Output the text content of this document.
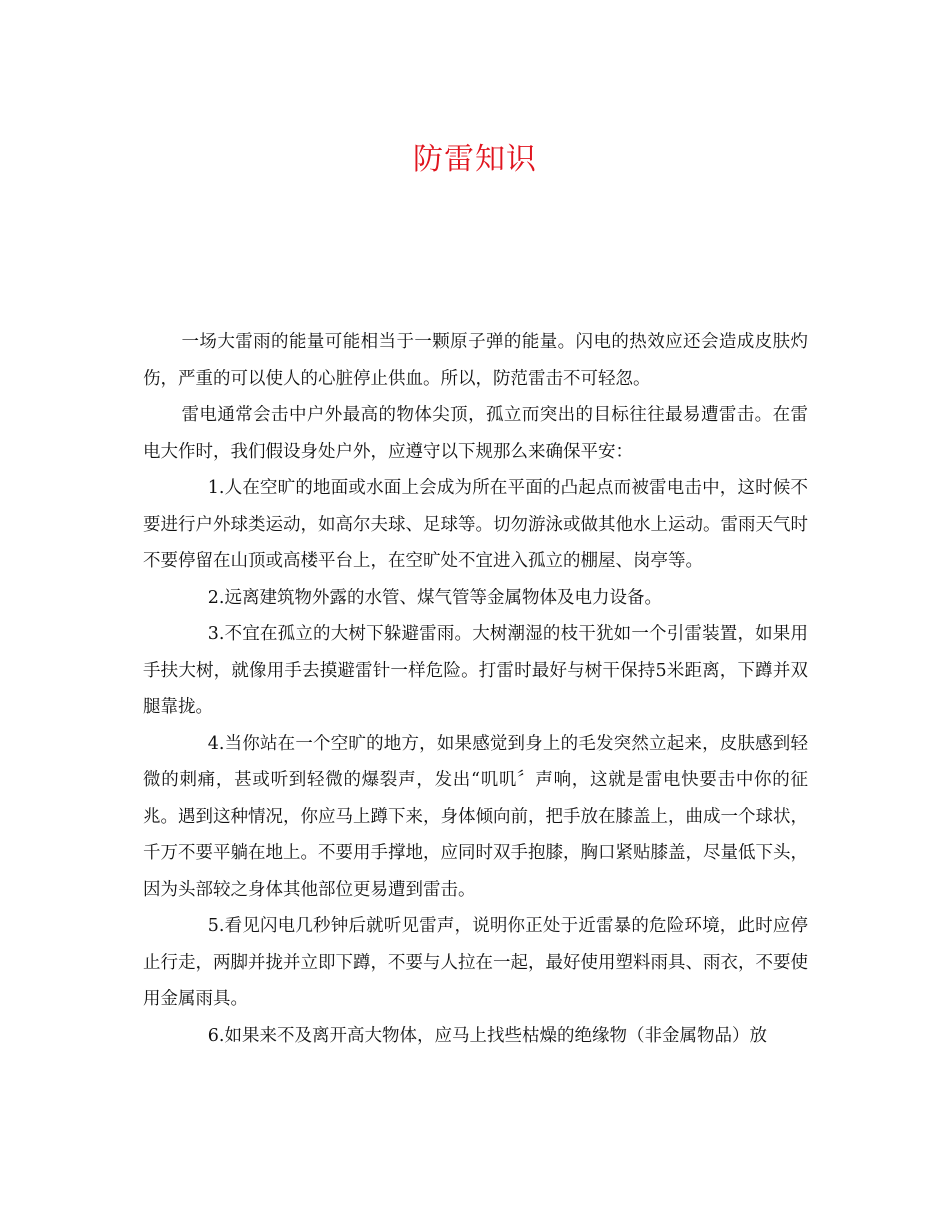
防雷知识

一场大雷雨的能量可能相当于一颗原子弹的能量。闪电的热效应还会造成皮肤灼伤，严重的可以使人的心脏停止供血。所以，防范雷击不可轻忽。

雷电通常会击中户外最高的物体尖顶，孤立而突出的目标往往最易遭雷击。在雷电大作时，我们假设身处户外，应遵守以下规那么来确保平安：

1.人在空旷的地面或水面上会成为所在平面的凸起点而被雷电击中，这时候不要进行户外球类运动，如高尔夫球、足球等。切勿游泳或做其他水上运动。雷雨天气时不要停留在山顶或高楼平台上，在空旷处不宜进入孤立的棚屋、岗亭等。

2.远离建筑物外露的水管、煤气管等金属物体及电力设备。

3.不宜在孤立的大树下躲避雷雨。大树潮湿的枝干犹如一个引雷装置，如果用手扶大树，就像用手去摸避雷针一样危险。打雷时最好与树干保持5米距离，下蹲并双腿靠拢。

4.当你站在一个空旷的地方，如果感觉到身上的毛发突然立起来，皮肤感到轻微的刺痛，甚或听到轻微的爆裂声，发出“叽叽〞声响，这就是雷电快要击中你的征兆。遇到这种情况，你应马上蹲下来，身体倾向前，把手放在膝盖上，曲成一个球状，千万不要平躺在地上。不要用手撑地，应同时双手抱膝，胸口紧贴膝盖，尽量低下头，因为头部较之身体其他部位更易遭到雷击。

5.看见闪电几秒钟后就听见雷声，说明你正处于近雷暴的危险环境，此时应停止行走，两脚并拢并立即下蹲，不要与人拉在一起，最好使用塑料雨具、雨衣，不要使用金属雨具。

6.如果来不及离开高大物体，应马上找些枯燥的绝缘物（非金属物品）放
